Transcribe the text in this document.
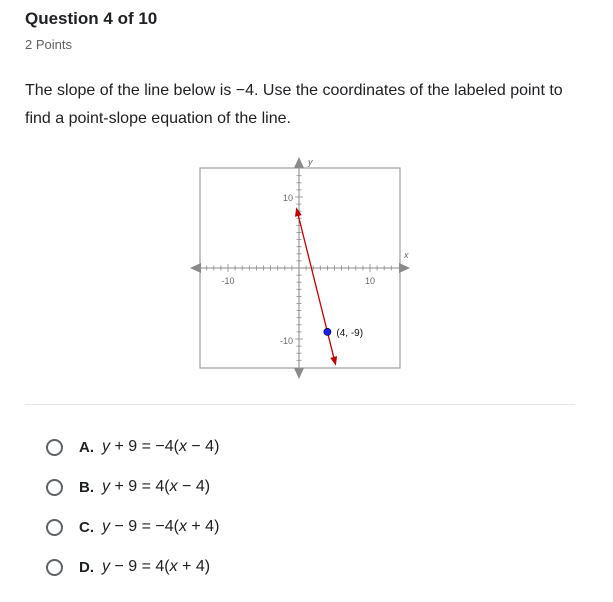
Question 4 of 10
2 Points
The slope of the line below is −4. Use the coordinates of the labeled point to find a point-slope equation of the line.
x
y
-10	10
10
-10
(4, -9)
A. y + 9 = −4(x − 4)
B. y + 9 = 4(x − 4)
C. y − 9 = −4(x + 4)
D. y − 9 = 4(x + 4)
